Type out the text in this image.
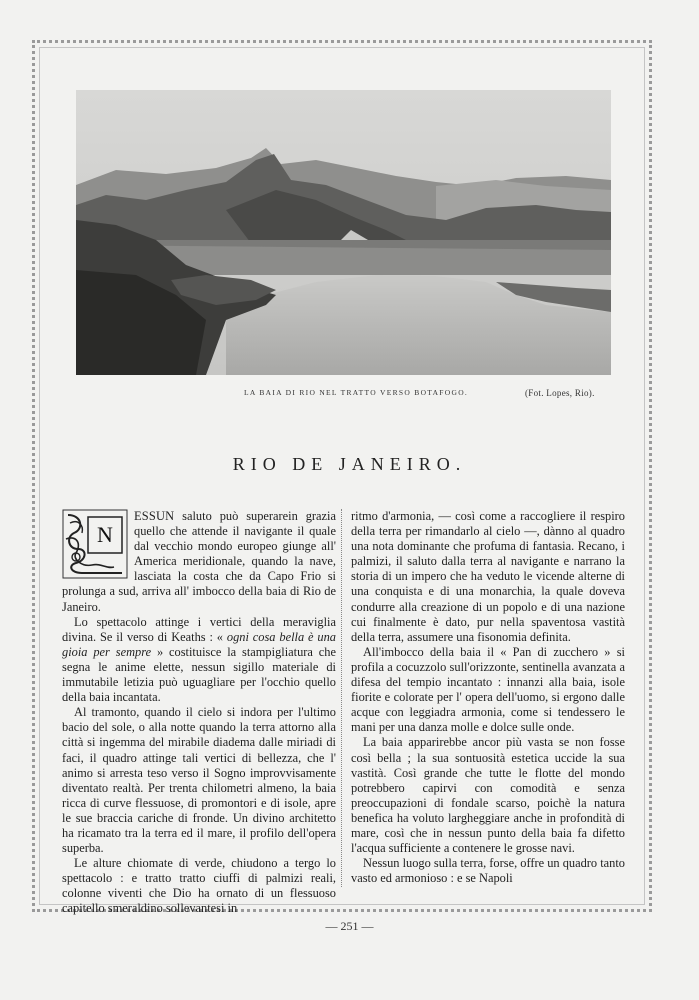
LA BAIA DI RIO NEL TRATTO VERSO BOTAFOGO.	(Fot. Lopes, Rio).
RIO DE JANEIRO.
N

ESSUN saluto può superarein grazia quello che attende il navigante il quale dal vecchio mondo europeo giunge all' America meridionale, quando la nave, lasciata la costa che da Capo Frio si prolunga a sud, arriva all' imbocco della baia di Rio de Janeiro.

Lo spettacolo attinge i vertici della meraviglia divina. Se il verso di Keaths : « ogni cosa bella è una gioia per sempre » costituisce la stampigliatura che segna le anime elette, nessun sigillo materiale di immutabile letizia può uguagliare per l'occhio quello della baia incantata.

Al tramonto, quando il cielo si indora per l'ultimo bacio del sole, o alla notte quando la terra attorno alla città si ingemma del mirabile diadema dalle miriadi di faci, il quadro attinge tali vertici di bellezza, che l' animo si arresta teso verso il Sogno improvvisamente diventato realtà. Per trenta chilometri almeno, la baia ricca di curve flessuose, di promontori e di isole, apre le sue braccia cariche di fronde. Un divino architetto ha ricamato tra la terra ed il mare, il profilo dell'opera superba.

Le alture chiomate di verde, chiudono a tergo lo spettacolo : e tratto tratto ciuffi di palmizi reali, colonne viventi che Dio ha ornato di un flessuoso capitello smeraldino sollevantesi in

ritmo d'armonia, — così come a raccogliere il respiro della terra per rimandarlo al cielo —, dànno al quadro una nota dominante che profuma di fantasia. Recano, i palmizi, il saluto dalla terra al navigante e narrano la storia di un impero che ha veduto le vicende alterne di una conquista e di una monarchia, la quale doveva condurre alla creazione di un popolo e di una nazione cui finalmente è dato, pur nella spaventosa vastità della terra, assumere una fisonomia definita.

All'imbocco della baia il « Pan di zucchero » si profila a cocuzzolo sull'orizzonte, sentinella avanzata a difesa del tempio incantato : innanzi alla baia, isole fiorite e colorate per l' opera dell'uomo, si ergono dalle acque con leggiadra armonia, come si tendessero le mani per una danza molle e dolce sulle onde.

La baia apparirebbe ancor più vasta se non fosse così bella ; la sua sontuosità estetica uccide la sua vastità. Così grande che tutte le flotte del mondo potrebbero capirvi con comodità e senza preoccupazioni di fondale scarso, poichè la natura benefica ha voluto largheggiare anche in profondità di mare, così che in nessun punto della baia fa difetto l'acqua sufficiente a contenere le grosse navi.

Nessun luogo sulla terra, forse, offre un quadro tanto vasto ed armonioso : e se Napoli

— 251 —
